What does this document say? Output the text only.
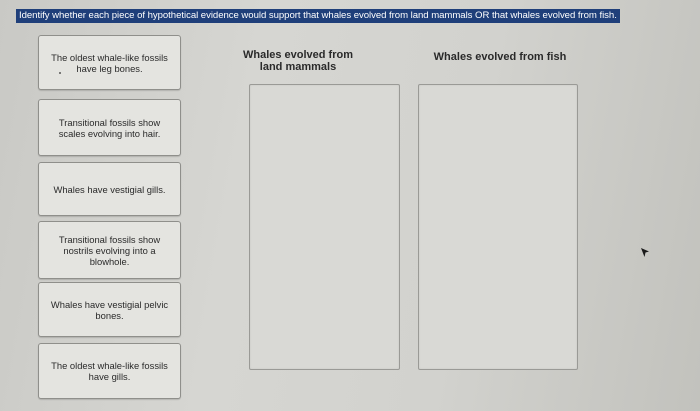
Identify whether each piece of hypothetical evidence would support that whales evolved from land mammals OR that whales evolved from fish.
The oldest whale-like fossils have leg bones.
Transitional fossils show scales evolving into hair.
Whales have vestigial gills.
Transitional fossils show nostrils evolving into a blowhole.
Whales have vestigial pelvic bones.
The oldest whale-like fossils have gills.
Whales evolved from land mammals
Whales evolved from fish
